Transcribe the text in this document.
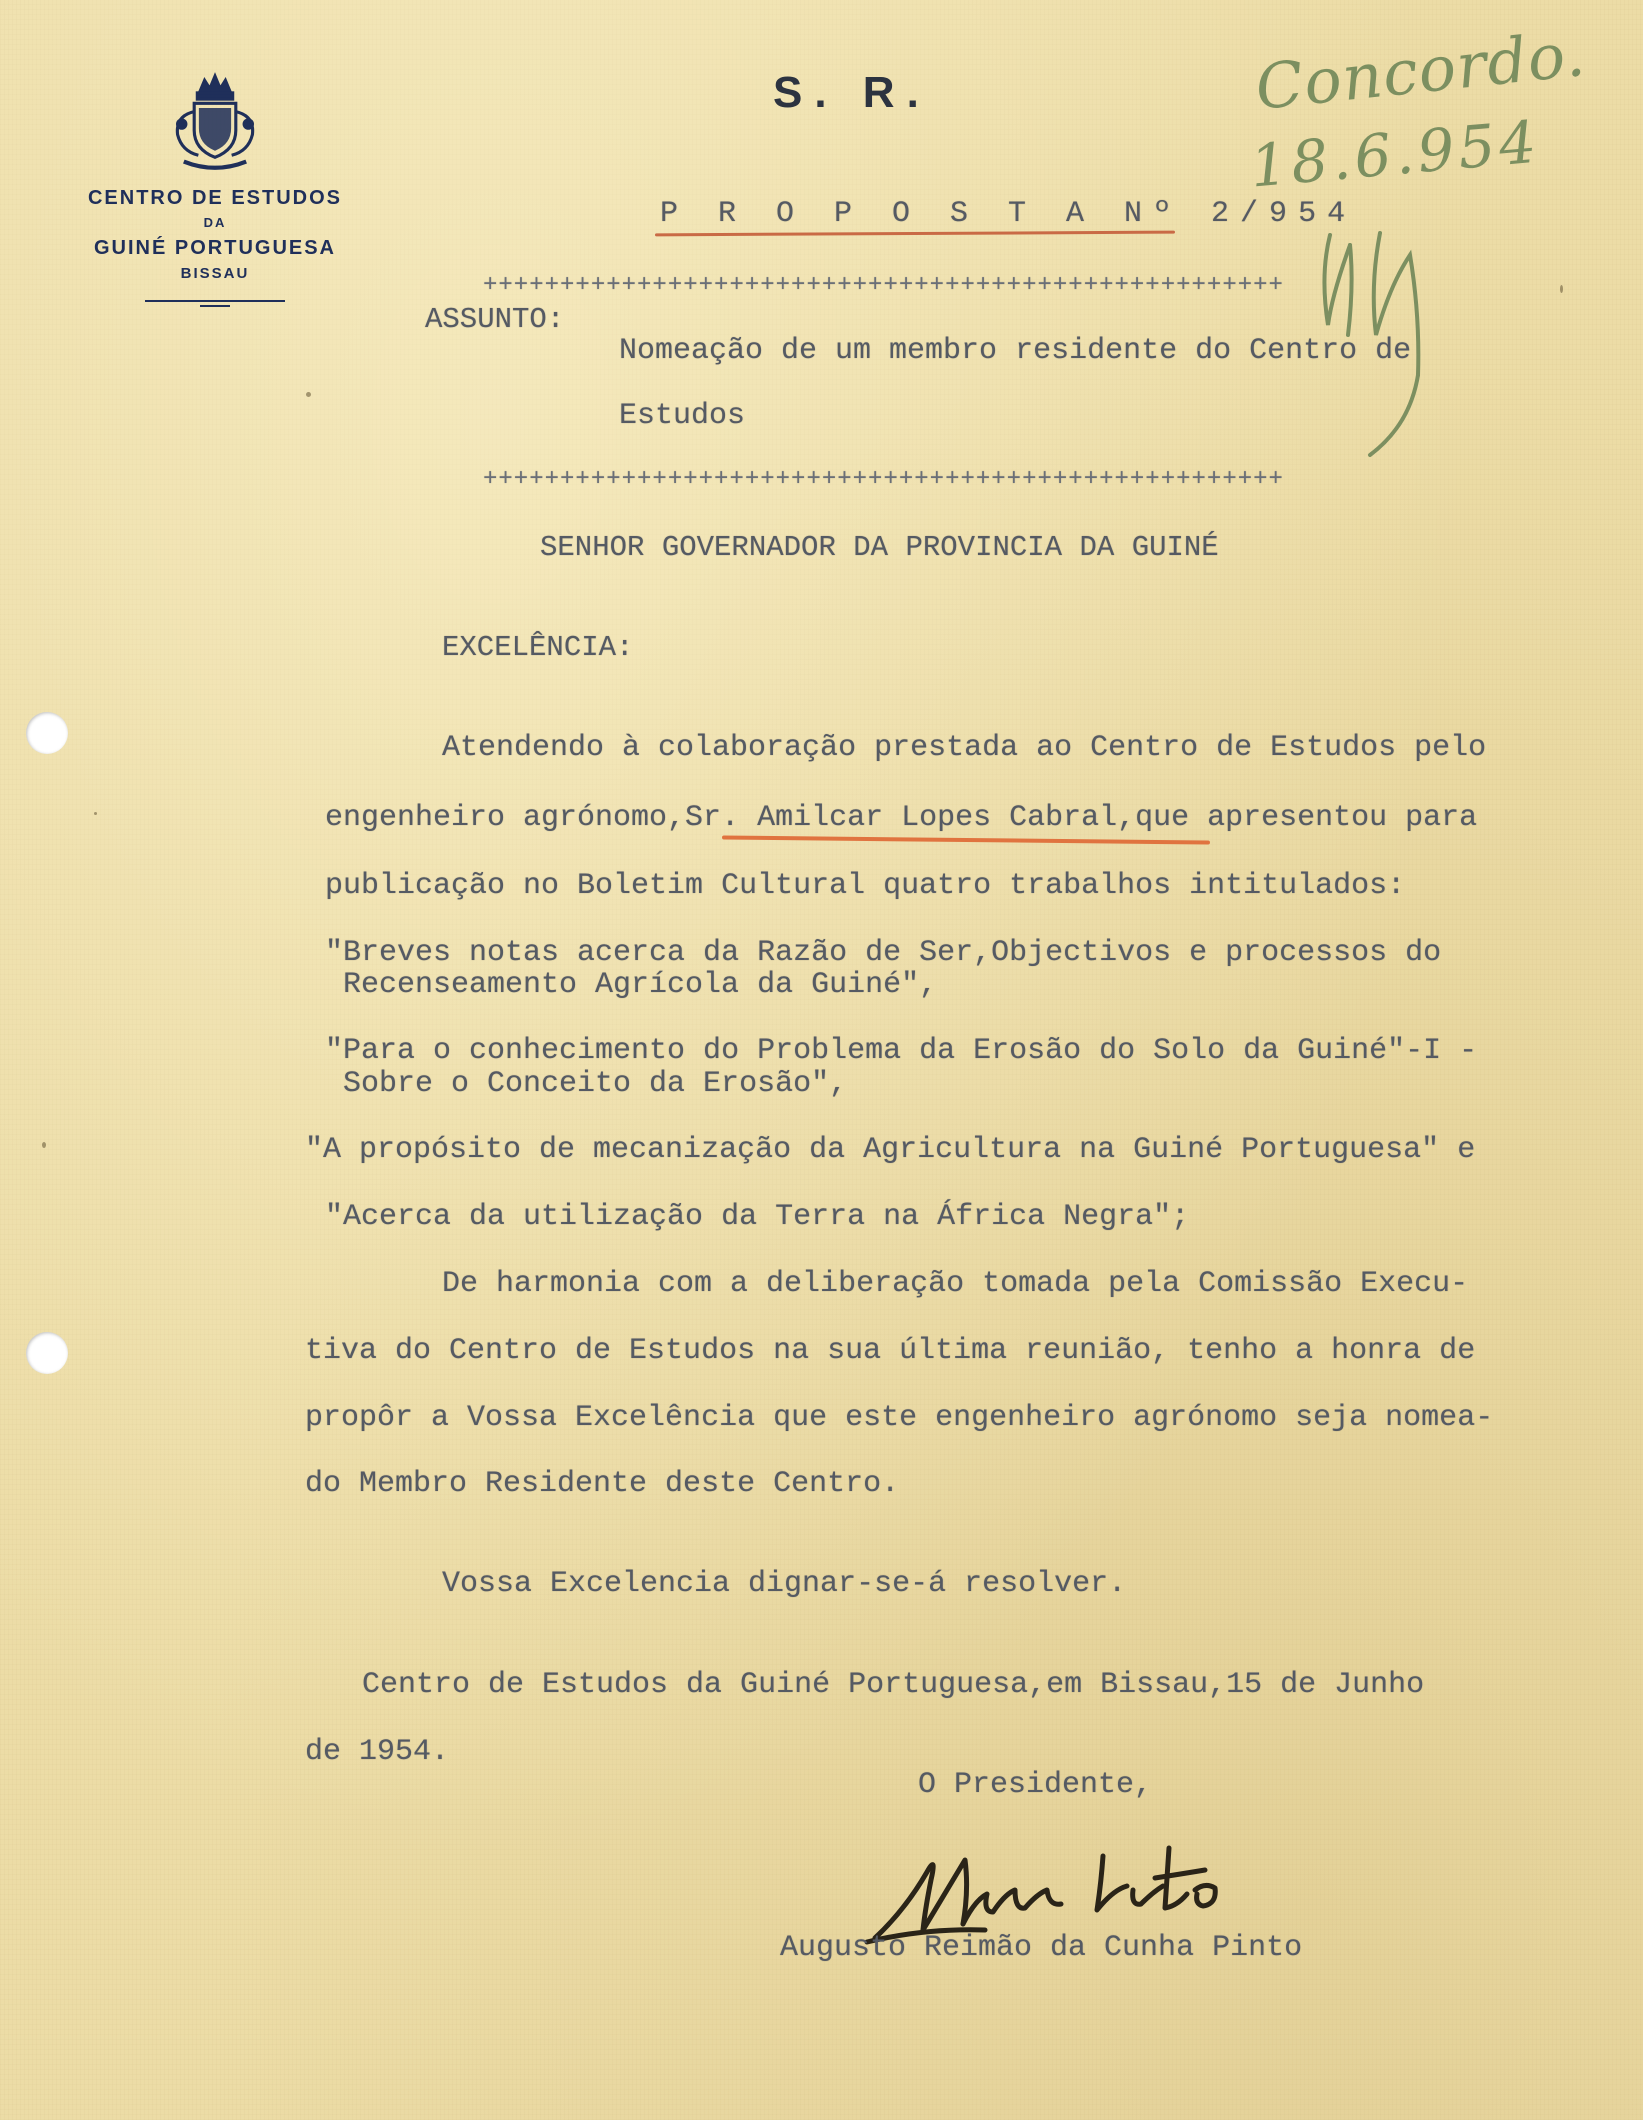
CENTRO DE ESTUDOS
DA
GUINÉ PORTUGUESA
BISSAU
S. R.	Concordo.
18.6.954
P R O P O S T A Nº 2/954
++++++++++++++++++++++++++++++++++++++++++++++++++++
ASSUNTO:
Nomeação de um membro residente do Centro de
Estudos
++++++++++++++++++++++++++++++++++++++++++++++++++++
SENHOR GOVERNADOR DA PROVINCIA DA GUINÉ
EXCELÊNCIA:
Atendendo à colaboração prestada ao Centro de Estudos pelo
engenheiro agrónomo,Sr. Amilcar Lopes Cabral,que apresentou para
publicação no Boletim Cultural quatro trabalhos intitulados:
"Breves notas acerca da Razão de Ser,Objectivos e processos do
Recenseamento Agrícola da Guiné",
"Para o conhecimento do Problema da Erosão do Solo da Guiné"-I -
Sobre o Conceito da Erosão",
"A propósito de mecanização da Agricultura na Guiné Portuguesa" e
"Acerca da utilização da Terra na África Negra";
De harmonia com a deliberação tomada pela Comissão Execu-
tiva do Centro de Estudos na sua última reunião, tenho a honra de
propôr a Vossa Excelência que este engenheiro agrónomo seja nomea-
do Membro Residente deste Centro.
Vossa Excelencia dignar-se-á resolver.
Centro de Estudos da Guiné Portuguesa,em Bissau,15 de Junho
de 1954.
O Presidente,
Augusto Reimão da Cunha Pinto
